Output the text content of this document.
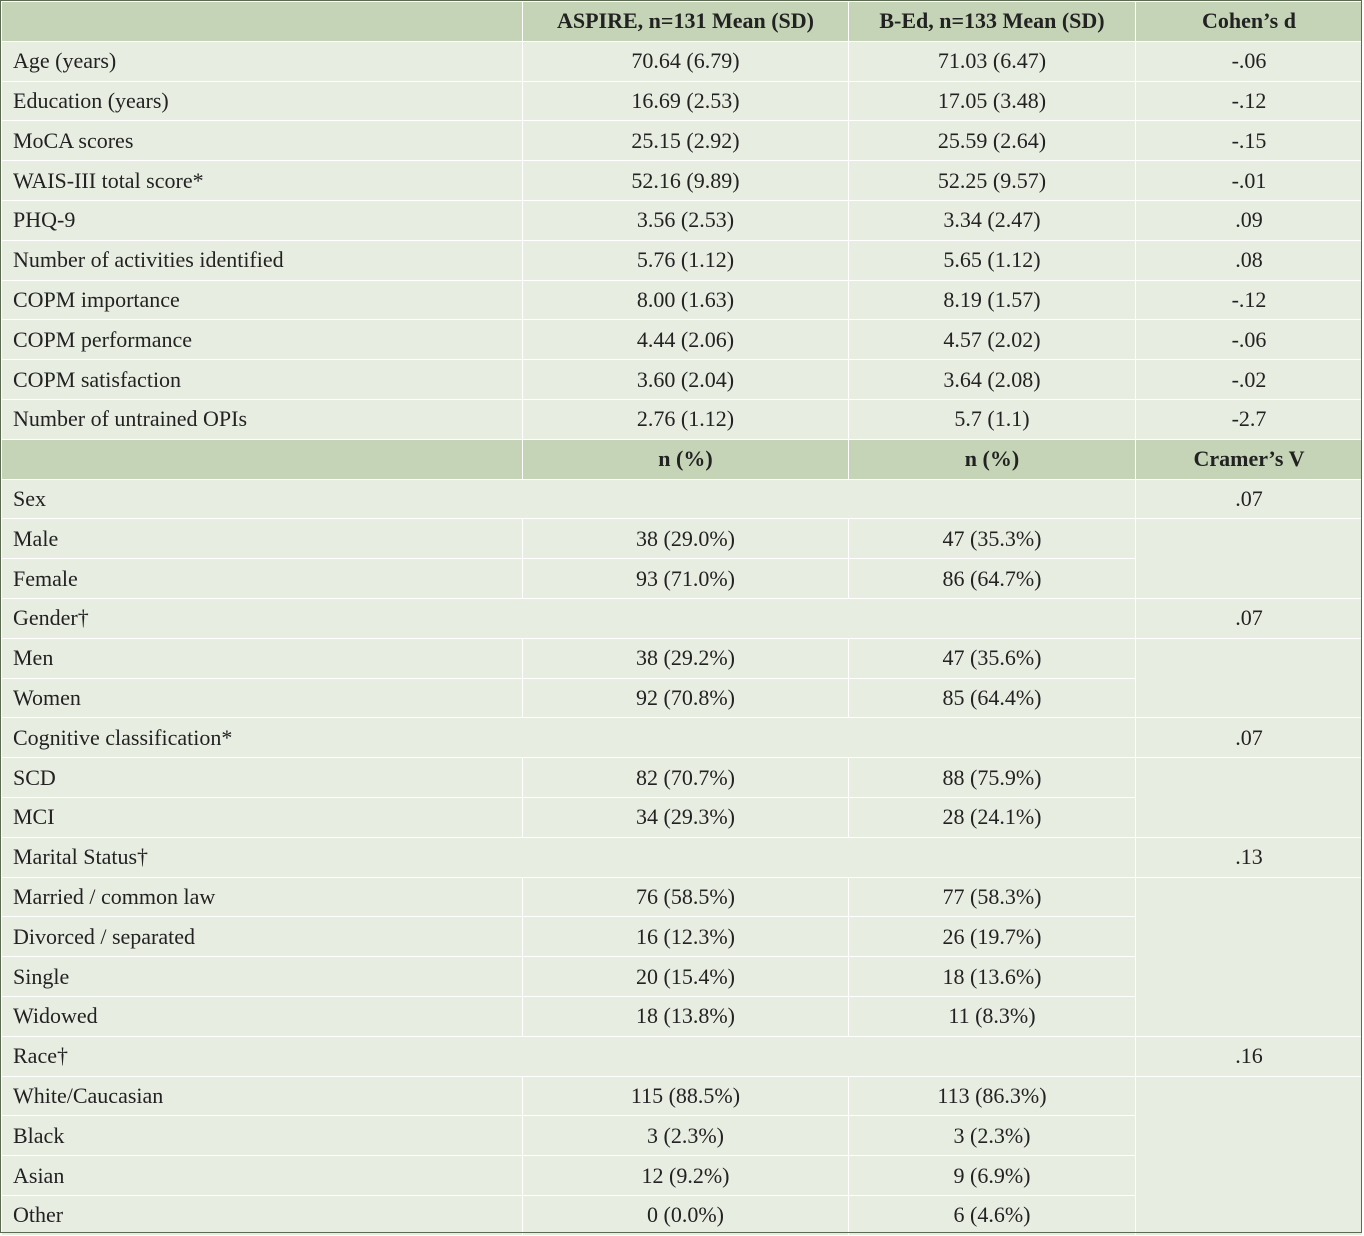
	ASPIRE, n=131 Mean (SD)	B-Ed, n=133 Mean (SD)	Cohen’s d
Age (years)	70.64 (6.79)	71.03 (6.47)	-.06
Education (years)	16.69 (2.53)	17.05 (3.48)	-.12
MoCA scores	25.15 (2.92)	25.59 (2.64)	-.15
WAIS-III total score*	52.16 (9.89)	52.25 (9.57)	-.01
PHQ-9	3.56 (2.53)	3.34 (2.47)	.09
Number of activities identified	5.76 (1.12)	5.65 (1.12)	.08
COPM importance	8.00 (1.63)	8.19 (1.57)	-.12
COPM performance	4.44 (2.06)	4.57 (2.02)	-.06
COPM satisfaction	3.60 (2.04)	3.64 (2.08)	-.02
Number of untrained OPIs	2.76 (1.12)	5.7 (1.1)	-2.7
	n (%)	n (%)	Cramer’s V
Sex			.07
Male	38 (29.0%)	47 (35.3%)	
Female	93 (71.0%)	86 (64.7%)	
Gender†			.07
Men	38 (29.2%)	47 (35.6%)	
Women	92 (70.8%)	85 (64.4%)	
Cognitive classification*			.07
SCD	82 (70.7%)	88 (75.9%)	
MCI	34 (29.3%)	28 (24.1%)	
Marital Status†			.13
Married / common law	76 (58.5%)	77 (58.3%)	
Divorced / separated	16 (12.3%)	26 (19.7%)	
Single	20 (15.4%)	18 (13.6%)	
Widowed	18 (13.8%)	11 (8.3%)	
Race†			.16
White/Caucasian	115 (88.5%)	113 (86.3%)	
Black	3 (2.3%)	3 (2.3%)	
Asian	12 (9.2%)	9 (6.9%)	
Other	0 (0.0%)	6 (4.6%)	
